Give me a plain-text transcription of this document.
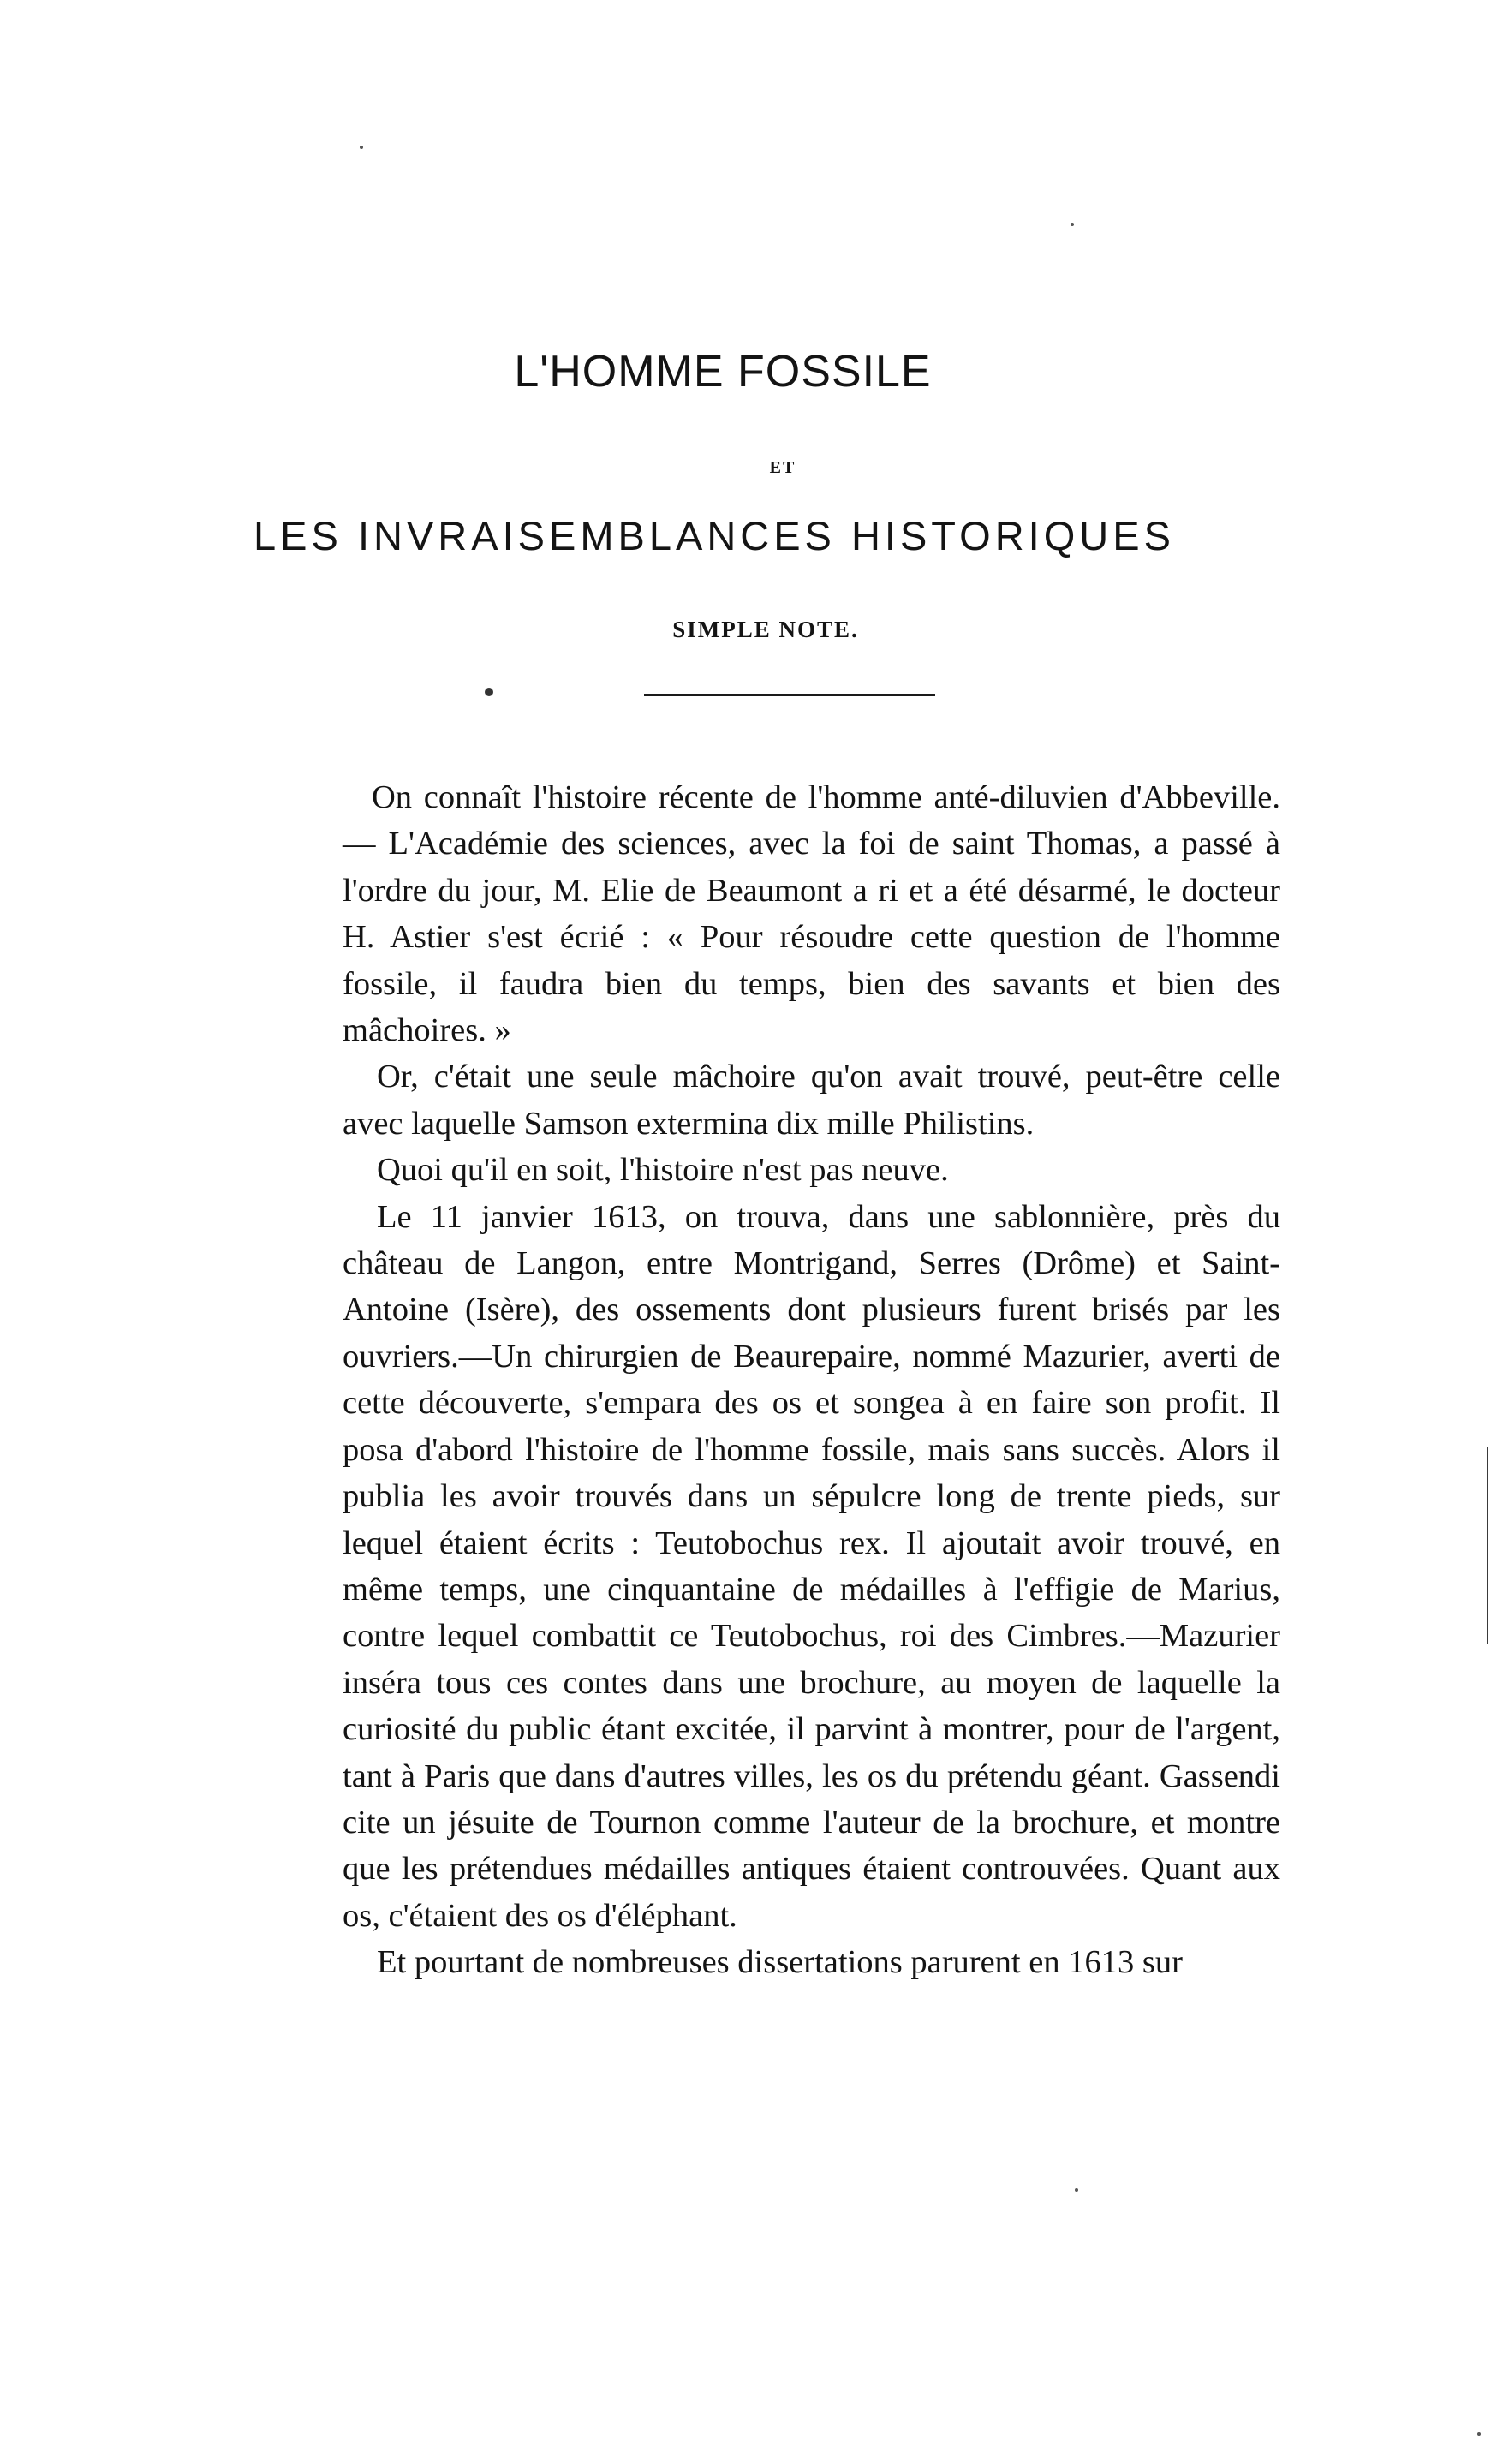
L'HOMME FOSSILE
ET
LES INVRAISEMBLANCES HISTORIQUES
SIMPLE NOTE.

On connaît l'histoire récente de l'homme anté-diluvien d'Abbeville.— L'Académie des sciences, avec la foi de saint Thomas, a passé à l'ordre du jour, M. Elie de Beaumont a ri et a été désarmé, le docteur H. Astier s'est écrié : « Pour résoudre cette question de l'homme fossile, il faudra bien du temps, bien des savants et bien des mâchoires. »

Or, c'était une seule mâchoire qu'on avait trouvé, peut-être celle avec laquelle Samson extermina dix mille Philistins.

Quoi qu'il en soit, l'histoire n'est pas neuve.

Le 11 janvier 1613, on trouva, dans une sablonnière, près du château de Langon, entre Montrigand, Serres (Drôme) et Saint-Antoine (Isère), des ossements dont plusieurs furent brisés par les ouvriers.—Un chirurgien de Beaurepaire, nommé Mazurier, averti de cette découverte, s'empara des os et songea à en faire son profit. Il posa d'abord l'histoire de l'homme fossile, mais sans succès. Alors il publia les avoir trouvés dans un sépulcre long de trente pieds, sur lequel étaient écrits : Teutobochus rex. Il ajoutait avoir trouvé, en même temps, une cinquantaine de médailles à l'effigie de Marius, contre lequel combattit ce Teutobochus, roi des Cimbres.—Mazurier inséra tous ces contes dans une brochure, au moyen de laquelle la curiosité du public étant excitée, il parvint à montrer, pour de l'argent, tant à Paris que dans d'autres villes, les os du prétendu géant. Gassendi cite un jésuite de Tournon comme l'auteur de la brochure, et montre que les prétendues médailles antiques étaient controuvées. Quant aux os, c'étaient des os d'éléphant.

Et pourtant de nombreuses dissertations parurent en 1613 sur
